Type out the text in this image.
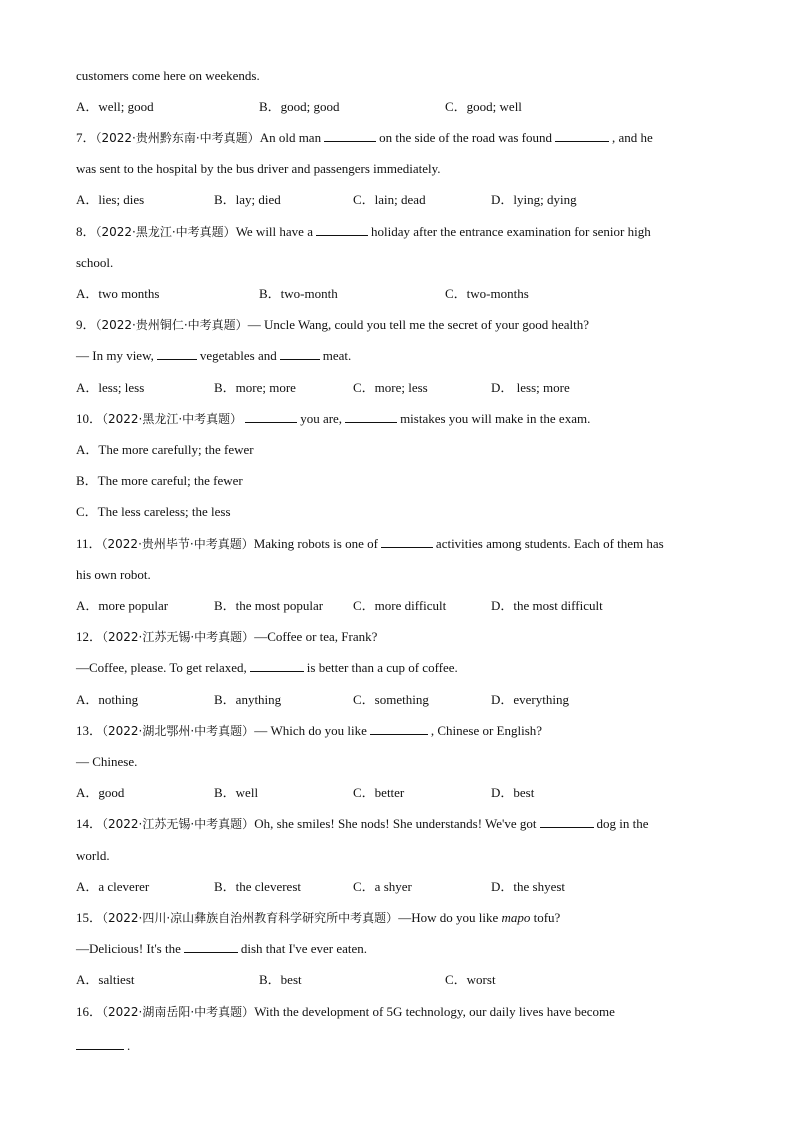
customers come here on weekends.
A．well; good	B．good; good	C．good; well
7．（2022·贵州黔东南·中考真题）An old man	on the side of the road was found	, and he
was sent to the hospital by the bus driver and passengers immediately.
A．lies; dies	B．lay; died	C．lain; dead	D．lying; dying
8．（2022·黑龙江·中考真题）We will have a	holiday after the entrance examination for senior high
school.
A．two months	B．two-month	C．two-months
9．（2022·贵州铜仁·中考真题）— Uncle Wang, could you tell me the secret of your good health?
— In my view,	vegetables and	meat.
A．less; less	B．more; more	C．more; less	D． less; more
10．（2022·黑龙江·中考真题）	you are,	mistakes you will make in the exam.
A．The more carefully; the fewer
B．The more careful; the fewer
C．The less careless; the less
11．（2022·贵州毕节·中考真题）Making robots is one of	activities among students. Each of them has
his own robot.
A．more popular	B．the most popular C．more difficult	D．the most difficult
12．（2022·江苏无锡·中考真题）—Coffee or tea, Frank?
—Coffee, please. To get relaxed,	is better than a cup of coffee.
A．nothing	B．anything	C．something	D．everything
13．（2022·湖北鄂州·中考真题）— Which do you like	, Chinese or English?
— Chinese.
A．good	B．well	C．better	D．best
14．（2022·江苏无锡·中考真题）Oh, she smiles! She nods! She understands! We've got	dog in the
world.
A．a cleverer	B．the cleverest	C．a shyer	D．the shyest
15．（2022·四川·凉山彝族自治州教育科学研究所中考真题）—How do you like mapo tofu?
—Delicious! It's the	dish that I've ever eaten.
A．saltiest	B．best	C．worst
16．（2022·湖南岳阳·中考真题）With the development of 5G technology, our daily lives have become
.
